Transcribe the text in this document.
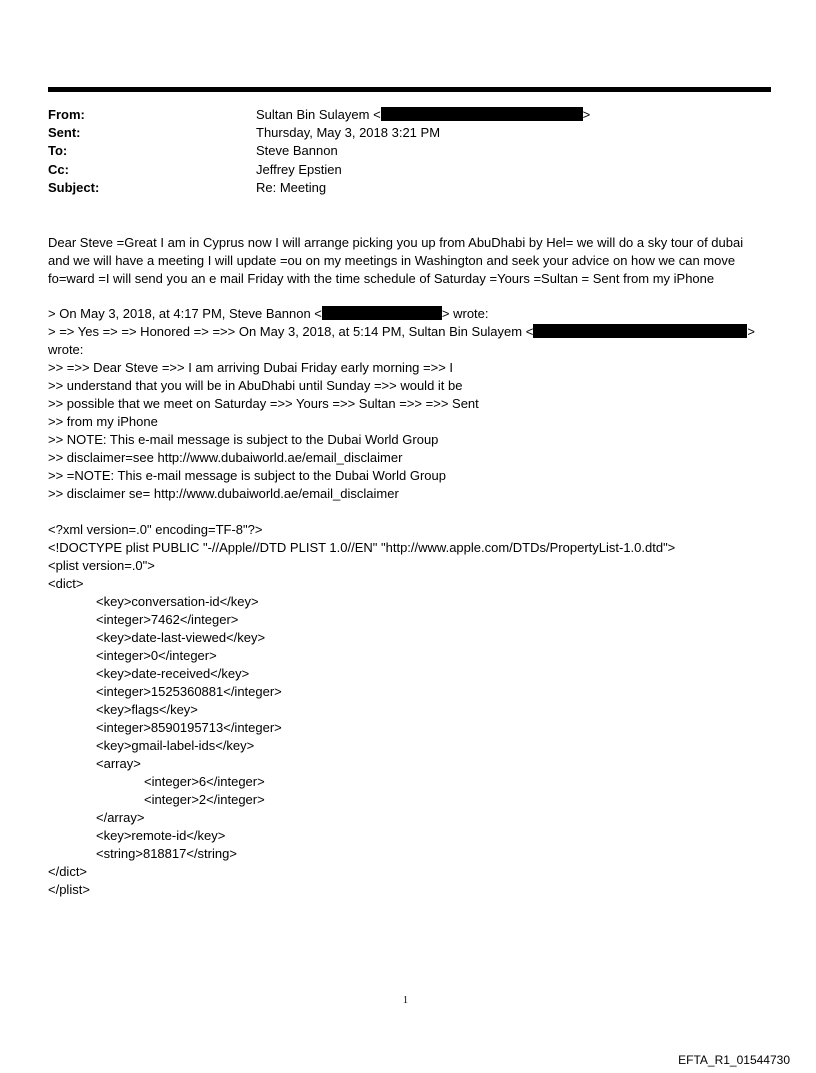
From:	Sultan Bin Sulayem <	>
Sent:	Thursday, May 3, 2018 3:21 PM
To:	Steve Bannon
Cc:	Jeffrey Epstien
Subject:	Re: Meeting
Dear Steve =Great I am in Cyprus now I will arrange picking you up from AbuDhabi by Hel= we will do a sky tour of dubai
and we will have a meeting I will update =ou on my meetings in Washington and seek your advice on how we can move
fo=ward =I will send you an e mail Friday with the time schedule of Saturday =Yours =Sultan = Sent from my iPhone
> On May 3, 2018, at 4:17 PM, Steve Bannon <	> wrote:
> => Yes => => Honored => =>> On May 3, 2018, at 5:14 PM, Sultan Bin Sulayem <	>
wrote:
>> =>> Dear Steve =>> I am arriving Dubai Friday early morning =>> I
>> understand that you will be in AbuDhabi until Sunday =>> would it be
>> possible that we meet on Saturday =>> Yours =>> Sultan =>> =>> Sent
>> from my iPhone
>> NOTE: This e-mail message is subject to the Dubai World Group
>> disclaimer=see http://www.dubaiworld.ae/email_disclaimer
>> =NOTE: This e-mail message is subject to the Dubai World Group
>> disclaimer se= http://www.dubaiworld.ae/email_disclaimer
<?xml version=.0" encoding=TF-8"?>
<!DOCTYPE plist PUBLIC "-//Apple//DTD PLIST 1.0//EN" "http://www.apple.com/DTDs/PropertyList-1.0.dtd">
<plist version=.0">
<dict>
<key>conversation-id</key>
<integer>7462</integer>
<key>date-last-viewed</key>
<integer>0</integer>
<key>date-received</key>
<integer>1525360881</integer>
<key>flags</key>
<integer>8590195713</integer>
<key>gmail-label-ids</key>
<array>
<integer>6</integer>
<integer>2</integer>
</array>
<key>remote-id</key>
<string>818817</string>
</dict>
</plist>
1
EFTA_R1_01544730
